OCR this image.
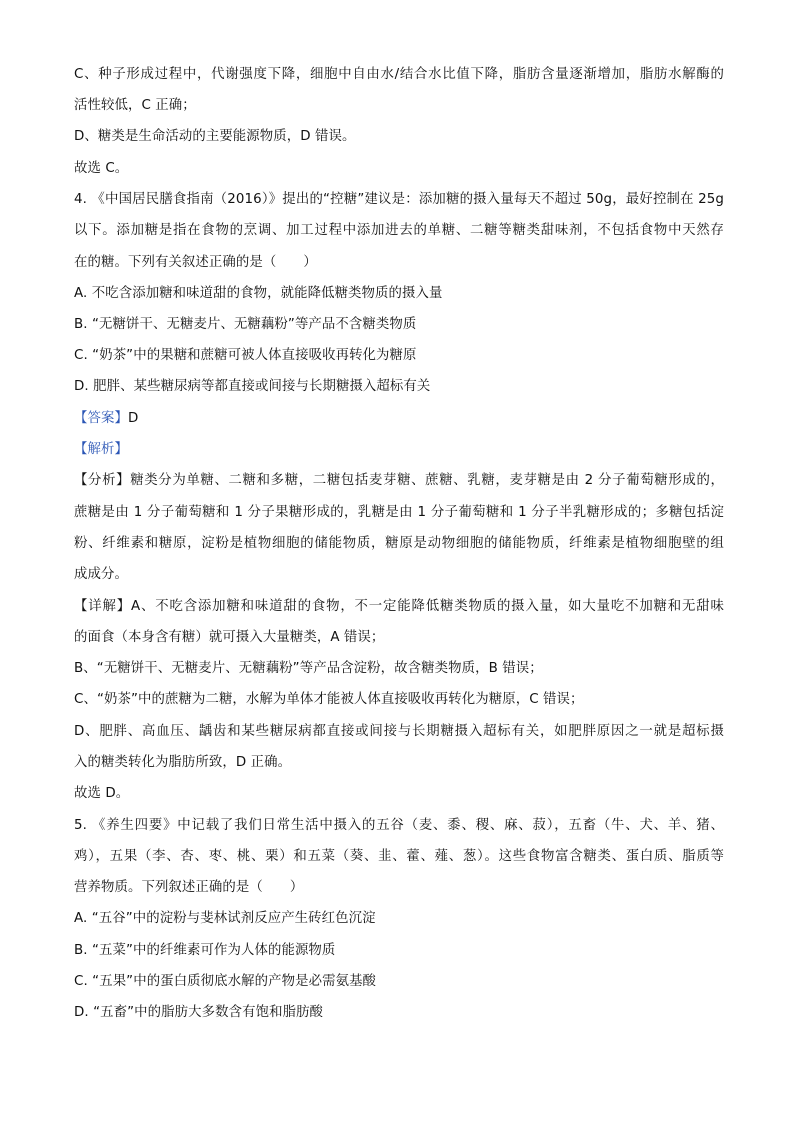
C、种子形成过程中，代谢强度下降，细胞中自由水/结合水比值下降，脂肪含量逐渐增加，脂肪水解酶的
活性较低，C 正确；
D、糖类是生命活动的主要能源物质，D 错误。
故选 C。
4. 《中国居民膳食指南（2016）》提出的“控糖”建议是：添加糖的摄入量每天不超过 50g，最好控制在 25g
以下。添加糖是指在食物的烹调、加工过程中添加进去的单糖、二糖等糖类甜味剂，不包括食物中天然存
在的糖。下列有关叙述正确的是（　　）
A. 不吃含添加糖和味道甜的食物，就能降低糖类物质的摄入量
B. “无糖饼干、无糖麦片、无糖藕粉”等产品不含糖类物质
C. “奶茶”中的果糖和蔗糖可被人体直接吸收再转化为糖原
D. 肥胖、某些糖尿病等都直接或间接与长期糖摄入超标有关
【答案】D
【解析】
【分析】糖类分为单糖、二糖和多糖，二糖包括麦芽糖、蔗糖、乳糖，麦芽糖是由 2 分子葡萄糖形成的，
蔗糖是由 1 分子葡萄糖和 1 分子果糖形成的，乳糖是由 1 分子葡萄糖和 1 分子半乳糖形成的；多糖包括淀
粉、纤维素和糖原，淀粉是植物细胞的储能物质，糖原是动物细胞的储能物质，纤维素是植物细胞壁的组
成成分。
【详解】A、不吃含添加糖和味道甜的食物，不一定能降低糖类物质的摄入量，如大量吃不加糖和无甜味
的面食（本身含有糖）就可摄入大量糖类，A 错误；
B、“无糖饼干、无糖麦片、无糖藕粉”等产品含淀粉，故含糖类物质，B 错误；
C、“奶茶”中的蔗糖为二糖，水解为单体才能被人体直接吸收再转化为糖原，C 错误；
D、肥胖、高血压、龋齿和某些糖尿病都直接或间接与长期糖摄入超标有关，如肥胖原因之一就是超标摄
入的糖类转化为脂肪所致，D 正确。
故选 D。
5. 《养生四要》中记载了我们日常生活中摄入的五谷（麦、黍、稷、麻、菽），五畜（牛、犬、羊、猪、
鸡），五果（李、杏、枣、桃、栗）和五菜（葵、韭、藿、薤、葱）。这些食物富含糖类、蛋白质、脂质等
营养物质。下列叙述正确的是（　　）
A. “五谷”中的淀粉与斐林试剂反应产生砖红色沉淀
B. “五菜”中的纤维素可作为人体的能源物质
C. “五果”中的蛋白质彻底水解的产物是必需氨基酸
D. “五畜”中的脂肪大多数含有饱和脂肪酸
